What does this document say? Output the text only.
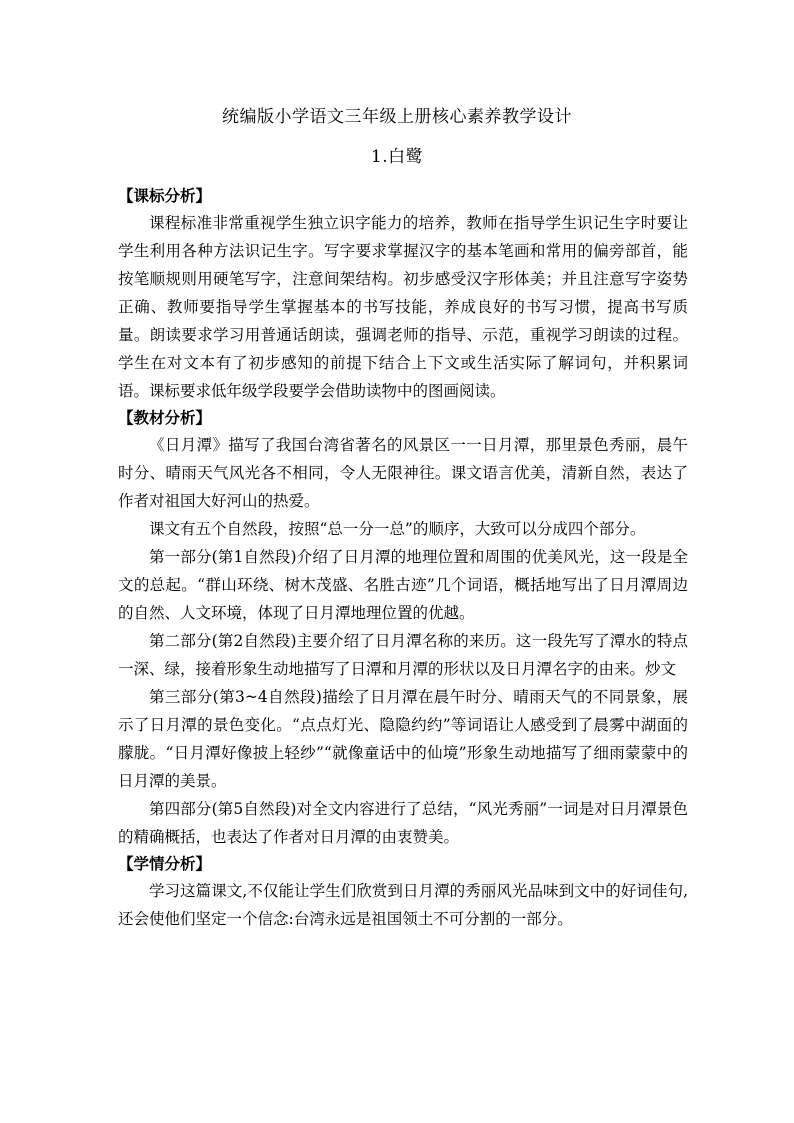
统编版小学语文三年级上册核心素养教学设计
1.白鹭
【课标分析】

课程标准非常重视学生独立识字能力的培养，教师在指导学生识记生字时要让学生利用各种方法识记生字。写字要求掌握汉字的基本笔画和常用的偏旁部首，能按笔顺规则用硬笔写字，注意间架结构。初步感受汉字形体美；并且注意写字姿势正确、教师要指导学生掌握基本的书写技能，养成良好的书写习惯，提高书写质量。朗读要求学习用普通话朗读，强调老师的指导、示范，重视学习朗读的过程。学生在对文本有了初步感知的前提下结合上下文或生活实际了解词句，并积累词语。课标要求低年级学段要学会借助读物中的图画阅读。

【教材分析】

《日月潭》描写了我国台湾省著名的风景区一一日月潭，那里景色秀丽，晨午时分、晴雨天气风光各不相同，令人无限神往。课文语言优美，清新自然，表达了作者对祖国大好河山的热爱。

课文有五个自然段，按照“总一分一总”的顺序，大致可以分成四个部分。

第一部分(第1自然段)介绍了日月潭的地理位置和周围的优美风光，这一段是全文的总起。“群山环绕、树木茂盛、名胜古迹”几个词语，概括地写出了日月潭周边的自然、人文环境，体现了日月潭地理位置的优越。

第二部分(第2自然段)主要介绍了日月潭名称的来历。这一段先写了潭水的特点一深、绿，接着形象生动地描写了日潭和月潭的形状以及日月潭名字的由来。炒文

第三部分(第3~4自然段)描绘了日月潭在晨午时分、晴雨天气的不同景象，展示了日月潭的景色变化。“点点灯光、隐隐约约”等词语让人感受到了晨雾中湖面的朦胧。“日月潭好像披上轻纱”“就像童话中的仙境”形象生动地描写了细雨蒙蒙中的日月潭的美景。

第四部分(第5自然段)对全文内容进行了总结，“风光秀丽”一词是对日月潭景色的精确概括，也表达了作者对日月潭的由衷赞美。

【学情分析】

学习这篇课文,不仅能让学生们欣赏到日月潭的秀丽风光品味到文中的好词佳句,还会使他们坚定一个信念:台湾永远是祖国领土不可分割的一部分。
